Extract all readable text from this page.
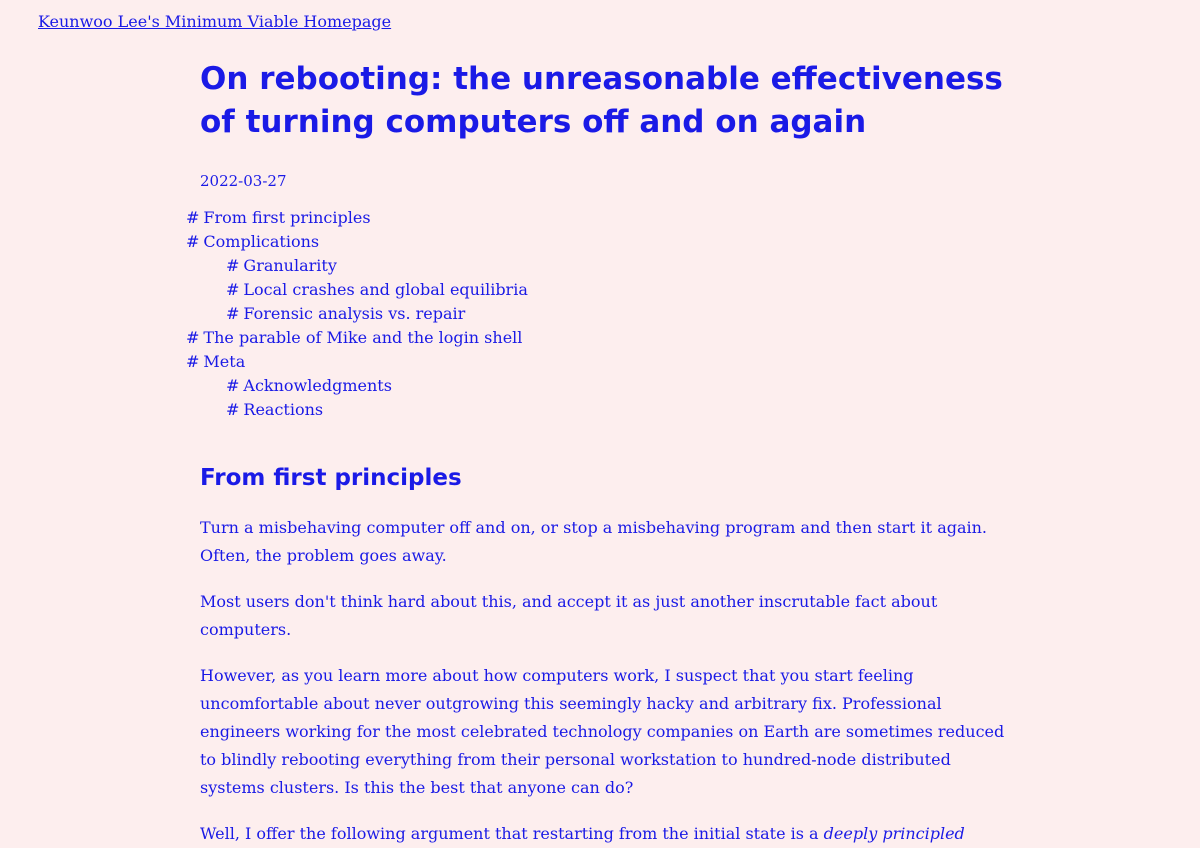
Keunwoo Lee's Minimum Viable Homepage
On rebooting: the unreasonable effectiveness of turning computers off and on again
2022-03-27
# From first principles
# Complications
# Granularity
# Local crashes and global equilibria
# Forensic analysis vs. repair
# The parable of Mike and the login shell
# Meta
# Acknowledgments
# Reactions
From first principles

Turn a misbehaving computer off and on, or stop a misbehaving program and then start it again. Often, the problem goes away.

Most users don't think hard about this, and accept it as just another inscrutable fact about computers.

However, as you learn more about how computers work, I suspect that you start feeling uncomfortable about never outgrowing this seemingly hacky and arbitrary fix. Professional engineers working for the most celebrated technology companies on Earth are sometimes reduced to blindly rebooting everything from their personal workstation to hundred-node distributed systems clusters. Is this the best that anyone can do?

Well, I offer the following argument that restarting from the initial state is a deeply principled
